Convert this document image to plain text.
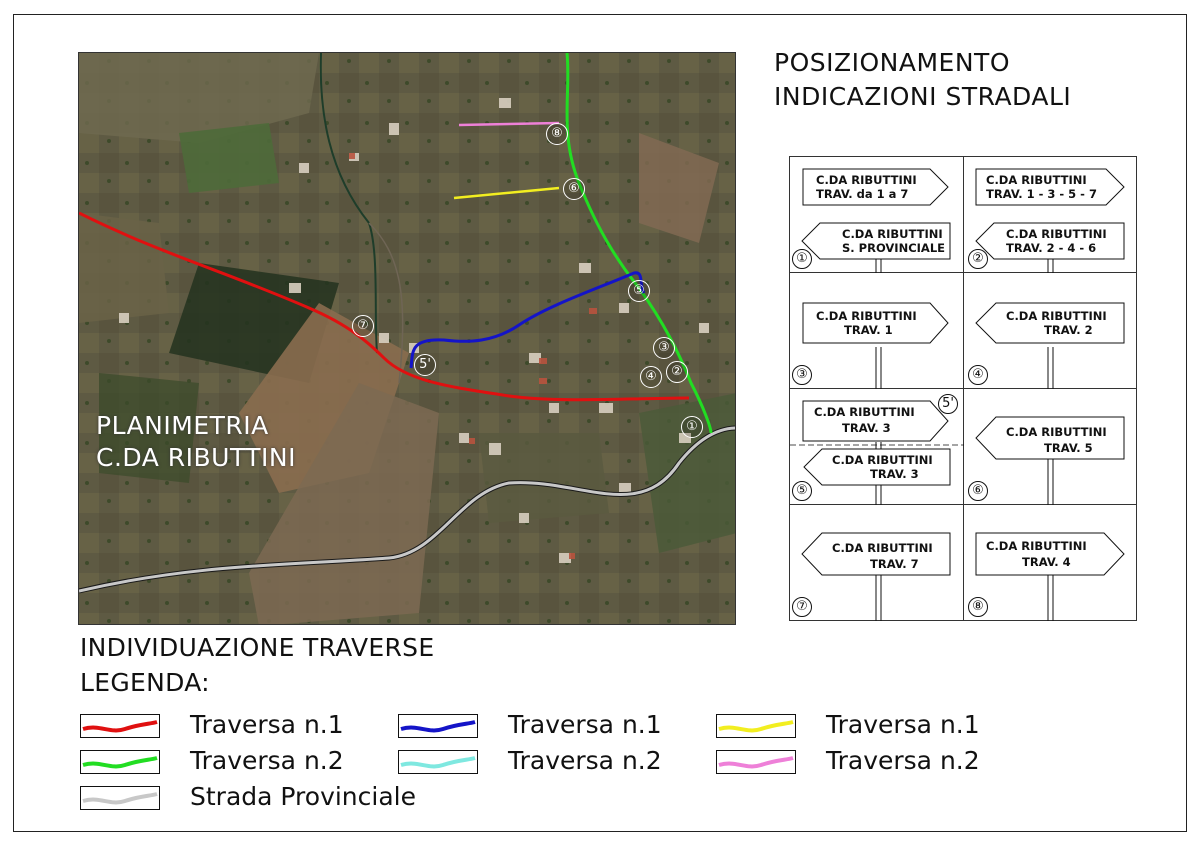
⑧
⑥
⑤
⑦
5'
③
②
④
①
PLANIMETRIA
C.DA RIBUTTINI
POSIZIONAMENTO
INDICAZIONI STRADALI
C.DA RIBUTTINI
TRAV. da 1 a 7
C.DA RIBUTTINI
S. PROVINCIALE
①
C.DA RIBUTTINI
TRAV. 1 - 3 - 5 - 7
C.DA RIBUTTINI
TRAV. 2 - 4 - 6
②
C.DA RIBUTTINI
TRAV. 1
③
C.DA RIBUTTINI
TRAV. 2
④
C.DA RIBUTTINI
TRAV. 3
C.DA RIBUTTINI
TRAV. 3
5'
⑤
C.DA RIBUTTINI
TRAV. 5
⑥
C.DA RIBUTTINI
TRAV. 7
⑦
C.DA RIBUTTINI
TRAV. 4
⑧
INDIVIDUAZIONE TRAVERSE
LEGENDA:
Traversa n.1
Traversa n.2
Strada Provinciale
Traversa n.1
Traversa n.2
Traversa n.1
Traversa n.2
